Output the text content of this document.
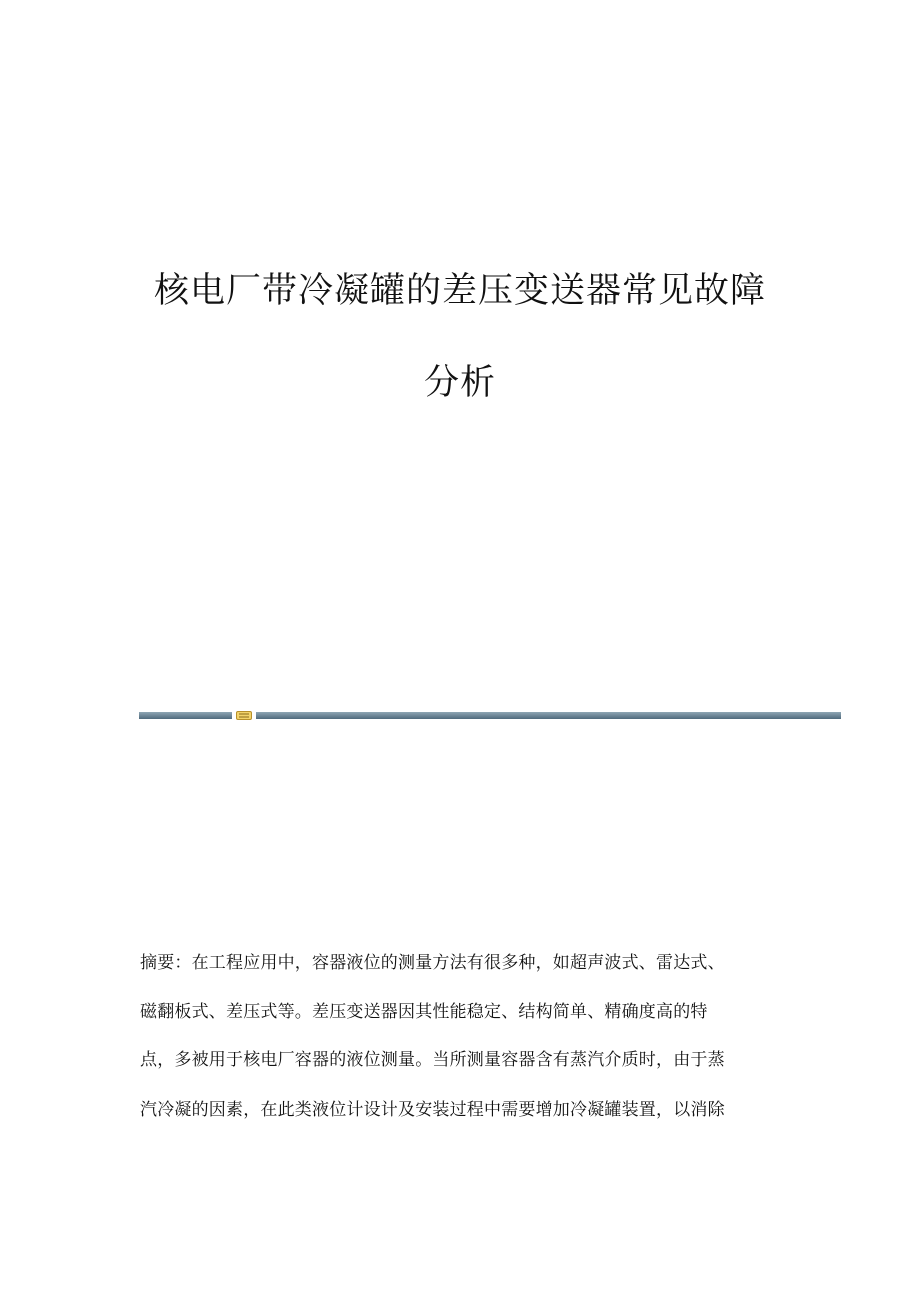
核电厂带冷凝罐的差压变送器常见故障
分析
摘要：在工程应用中，容器液位的测量方法有很多种，如超声波式、雷达式、
磁翻板式、差压式等。差压变送器因其性能稳定、结构简单、精确度高的特
点，多被用于核电厂容器的液位测量。当所测量容器含有蒸汽介质时，由于蒸
汽冷凝的因素，在此类液位计设计及安装过程中需要增加冷凝罐装置，以消除
